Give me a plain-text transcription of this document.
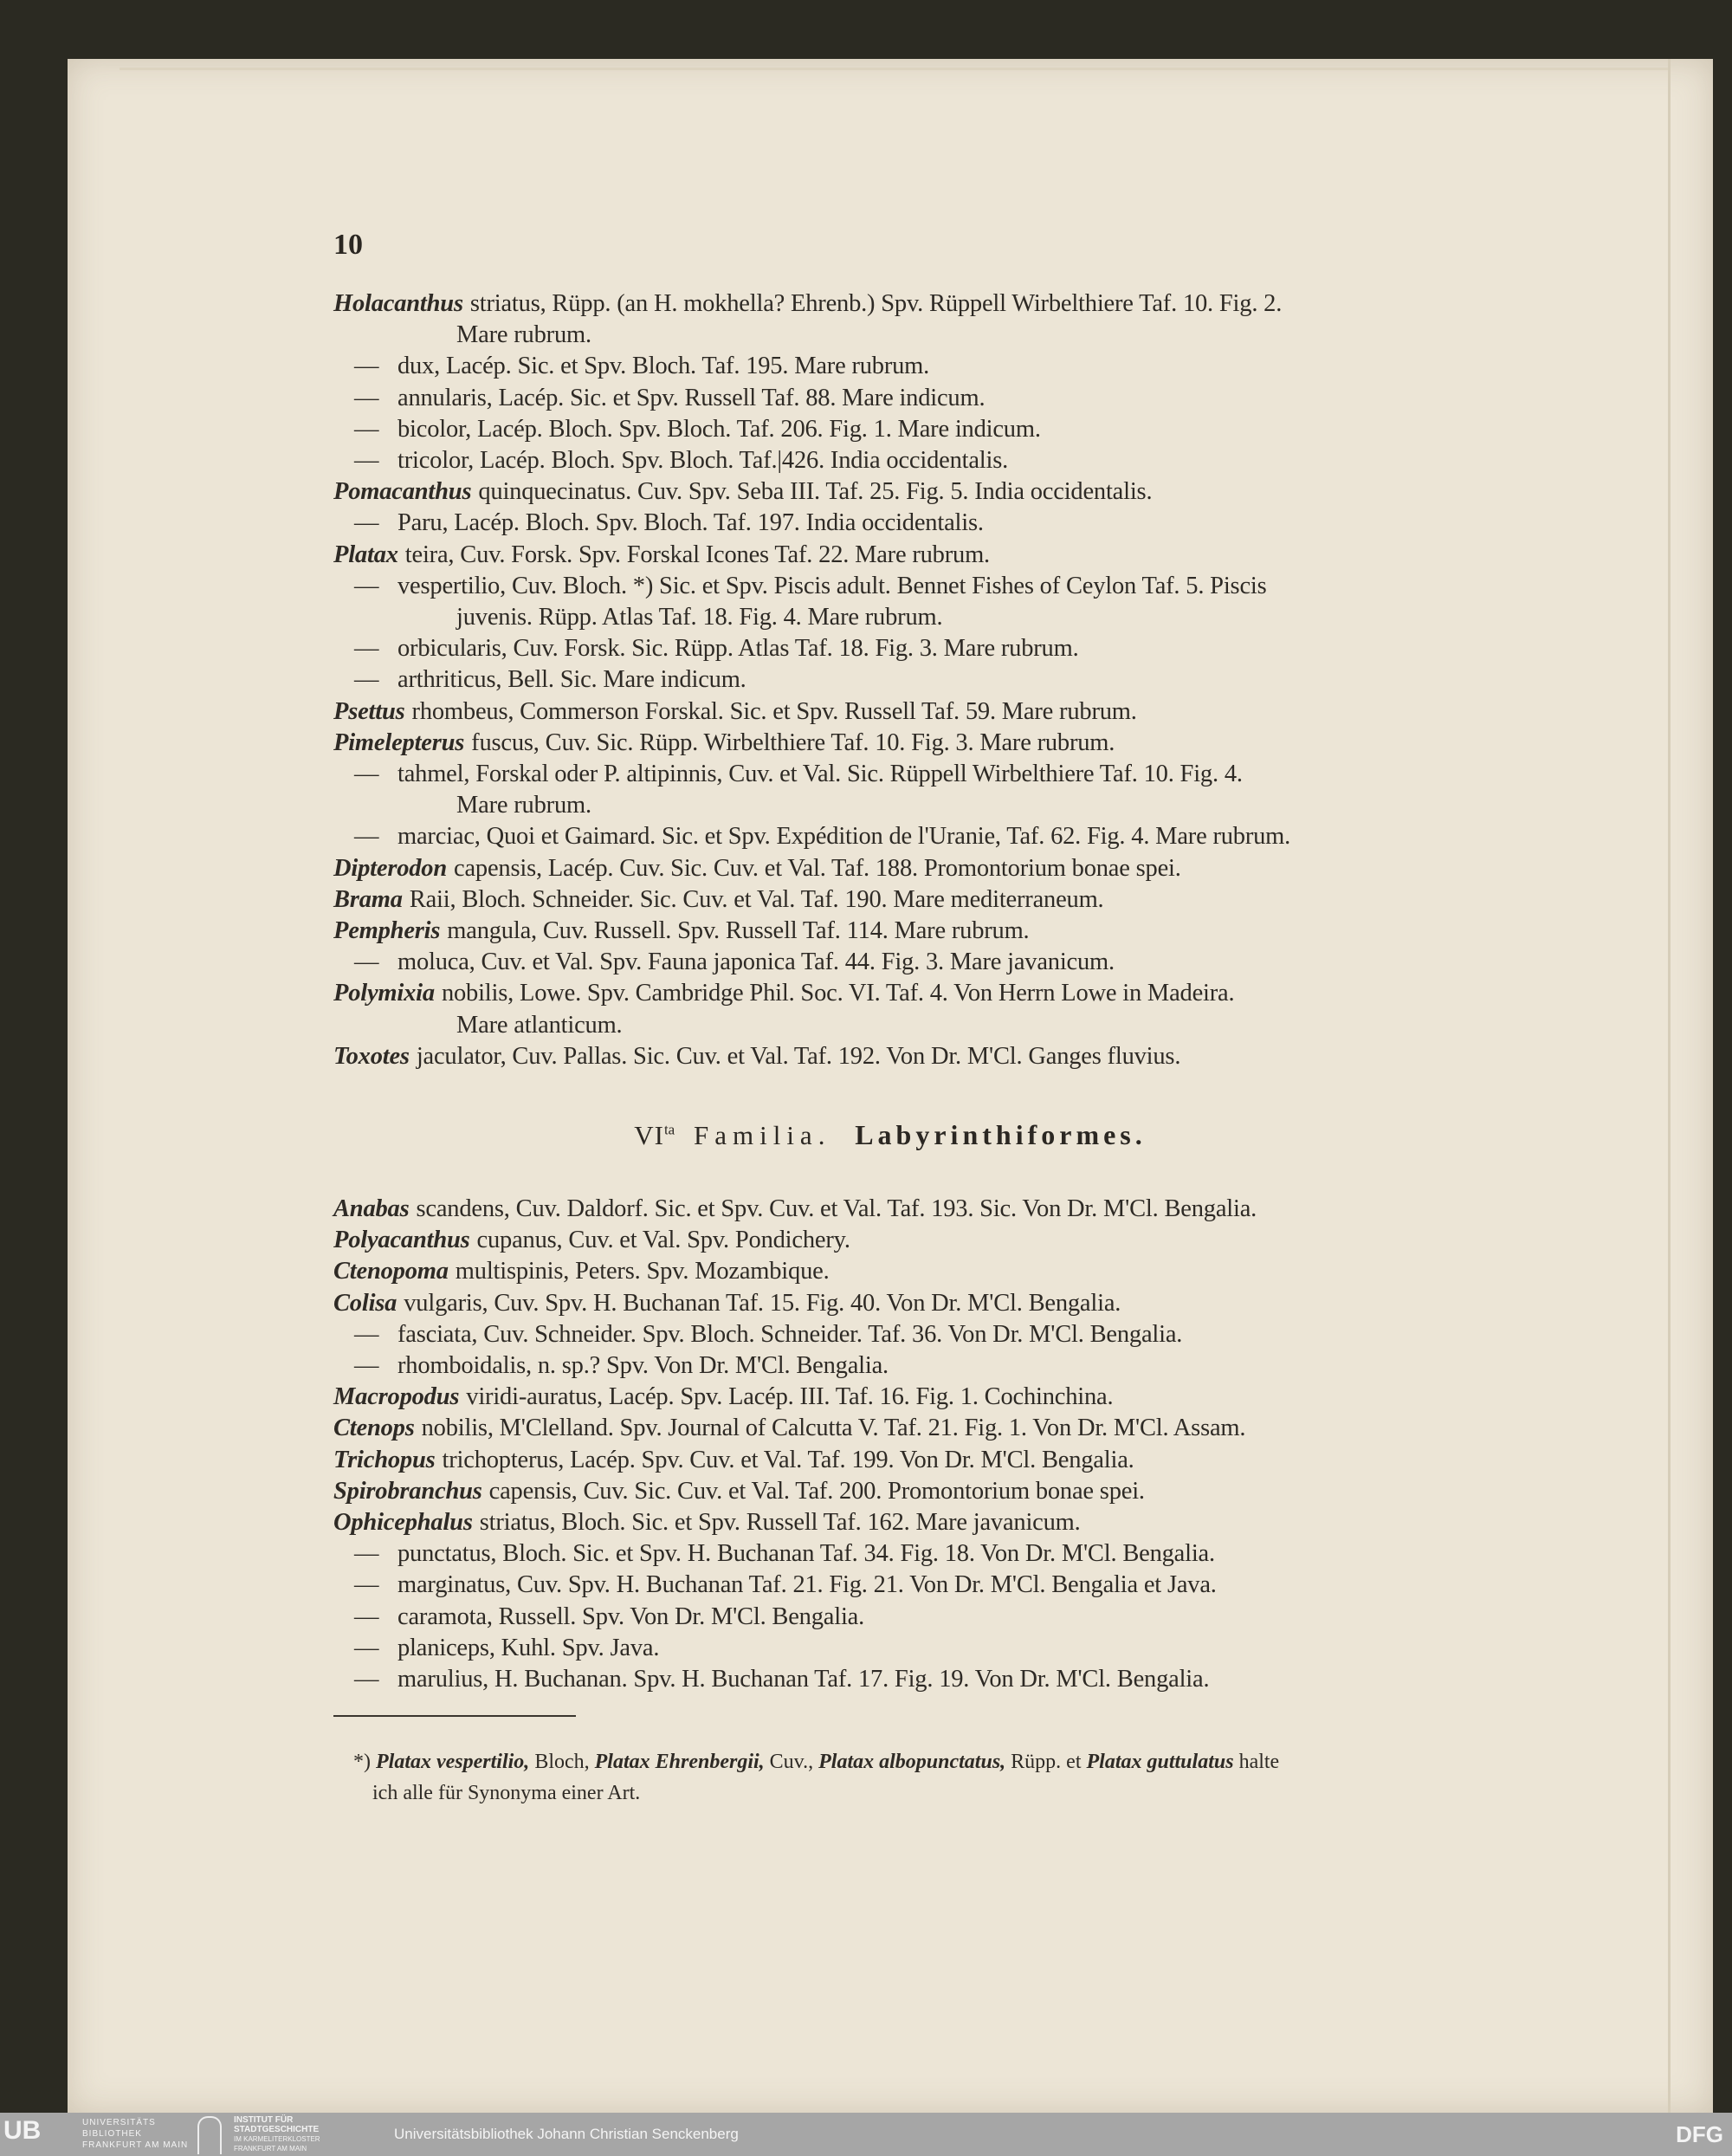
10
Holacanthus striatus, Rüpp. (an H. mokhella? Ehrenb.) Spv. Rüppell Wirbelthiere Taf. 10. Fig. 2.
Mare rubrum.
— dux, Lacép. Sic. et Spv. Bloch. Taf. 195. Mare rubrum.
— annularis, Lacép. Sic. et Spv. Russell Taf. 88. Mare indicum.
— bicolor, Lacép. Bloch. Spv. Bloch. Taf. 206. Fig. 1. Mare indicum.
— tricolor, Lacép. Bloch. Spv. Bloch. Taf.|426. India occidentalis.
Pomacanthus quinquecinatus. Cuv. Spv. Seba III. Taf. 25. Fig. 5. India occidentalis.
— Paru, Lacép. Bloch. Spv. Bloch. Taf. 197. India occidentalis.
Platax teira, Cuv. Forsk. Spv. Forskal Icones Taf. 22. Mare rubrum.
— vespertilio, Cuv. Bloch. *) Sic. et Spv. Piscis adult. Bennet Fishes of Ceylon Taf. 5. Piscis
juvenis. Rüpp. Atlas Taf. 18. Fig. 4. Mare rubrum.
— orbicularis, Cuv. Forsk. Sic. Rüpp. Atlas Taf. 18. Fig. 3. Mare rubrum.
— arthriticus, Bell. Sic. Mare indicum.
Psettus rhombeus, Commerson Forskal. Sic. et Spv. Russell Taf. 59. Mare rubrum.
Pimelepterus fuscus, Cuv. Sic. Rüpp. Wirbelthiere Taf. 10. Fig. 3. Mare rubrum.
— tahmel, Forskal oder P. altipinnis, Cuv. et Val. Sic. Rüppell Wirbelthiere Taf. 10. Fig. 4.
Mare rubrum.
— marciac, Quoi et Gaimard. Sic. et Spv. Expédition de l'Uranie, Taf. 62. Fig. 4. Mare rubrum.
Dipterodon capensis, Lacép. Cuv. Sic. Cuv. et Val. Taf. 188. Promontorium bonae spei.
Brama Raii, Bloch. Schneider. Sic. Cuv. et Val. Taf. 190. Mare mediterraneum.
Pempheris mangula, Cuv. Russell. Spv. Russell Taf. 114. Mare rubrum.
— moluca, Cuv. et Val. Spv. Fauna japonica Taf. 44. Fig. 3. Mare javanicum.
Polymixia nobilis, Lowe. Spv. Cambridge Phil. Soc. VI. Taf. 4. Von Herrn Lowe in Madeira.
Mare atlanticum.
Toxotes jaculator, Cuv. Pallas. Sic. Cuv. et Val. Taf. 192. Von Dr. M'Cl. Ganges fluvius.
$VI^{ta}$ Familia. Labyrinthiformes.
Anabas scandens, Cuv. Daldorf. Sic. et Spv. Cuv. et Val. Taf. 193. Sic. Von Dr. M'Cl. Bengalia.
Polyacanthus cupanus, Cuv. et Val. Spv. Pondichery.
Ctenopoma multispinis, Peters. Spv. Mozambique.
Colisa vulgaris, Cuv. Spv. H. Buchanan Taf. 15. Fig. 40. Von Dr. M'Cl. Bengalia.
— fasciata, Cuv. Schneider. Spv. Bloch. Schneider. Taf. 36. Von Dr. M'Cl. Bengalia.
— rhomboidalis, n. sp.? Spv. Von Dr. M'Cl. Bengalia.
Macropodus viridi-auratus, Lacép. Spv. Lacép. III. Taf. 16. Fig. 1. Cochinchina.
Ctenops nobilis, M'Clelland. Spv. Journal of Calcutta V. Taf. 21. Fig. 1. Von Dr. M'Cl. Assam.
Trichopus trichopterus, Lacép. Spv. Cuv. et Val. Taf. 199. Von Dr. M'Cl. Bengalia.
Spirobranchus capensis, Cuv. Sic. Cuv. et Val. Taf. 200. Promontorium bonae spei.
Ophicephalus striatus, Bloch. Sic. et Spv. Russell Taf. 162. Mare javanicum.
— punctatus, Bloch. Sic. et Spv. H. Buchanan Taf. 34. Fig. 18. Von Dr. M'Cl. Bengalia.
— marginatus, Cuv. Spv. H. Buchanan Taf. 21. Fig. 21. Von Dr. M'Cl. Bengalia et Java.
— caramota, Russell. Spv. Von Dr. M'Cl. Bengalia.
— planiceps, Kuhl. Spv. Java.
— marulius, H. Buchanan. Spv. H. Buchanan Taf. 17. Fig. 19. Von Dr. M'Cl. Bengalia.
*) Platax vespertilio, Bloch, Platax Ehrenbergii, Cuv., Platax albopunctatus, Rüpp. et Platax guttulatus halte
ich alle für Synonyma einer Art.
UB	UNIVERSITÄTS
BIBLIOTHEK
FRANKFURT AM MAIN
INSTITUT FÜR
STADTGESCHICHTE
IM KARMELITERKLOSTER
FRANKFURT AM MAIN
Universitätsbibliothek Johann Christian Senckenberg	DFG
